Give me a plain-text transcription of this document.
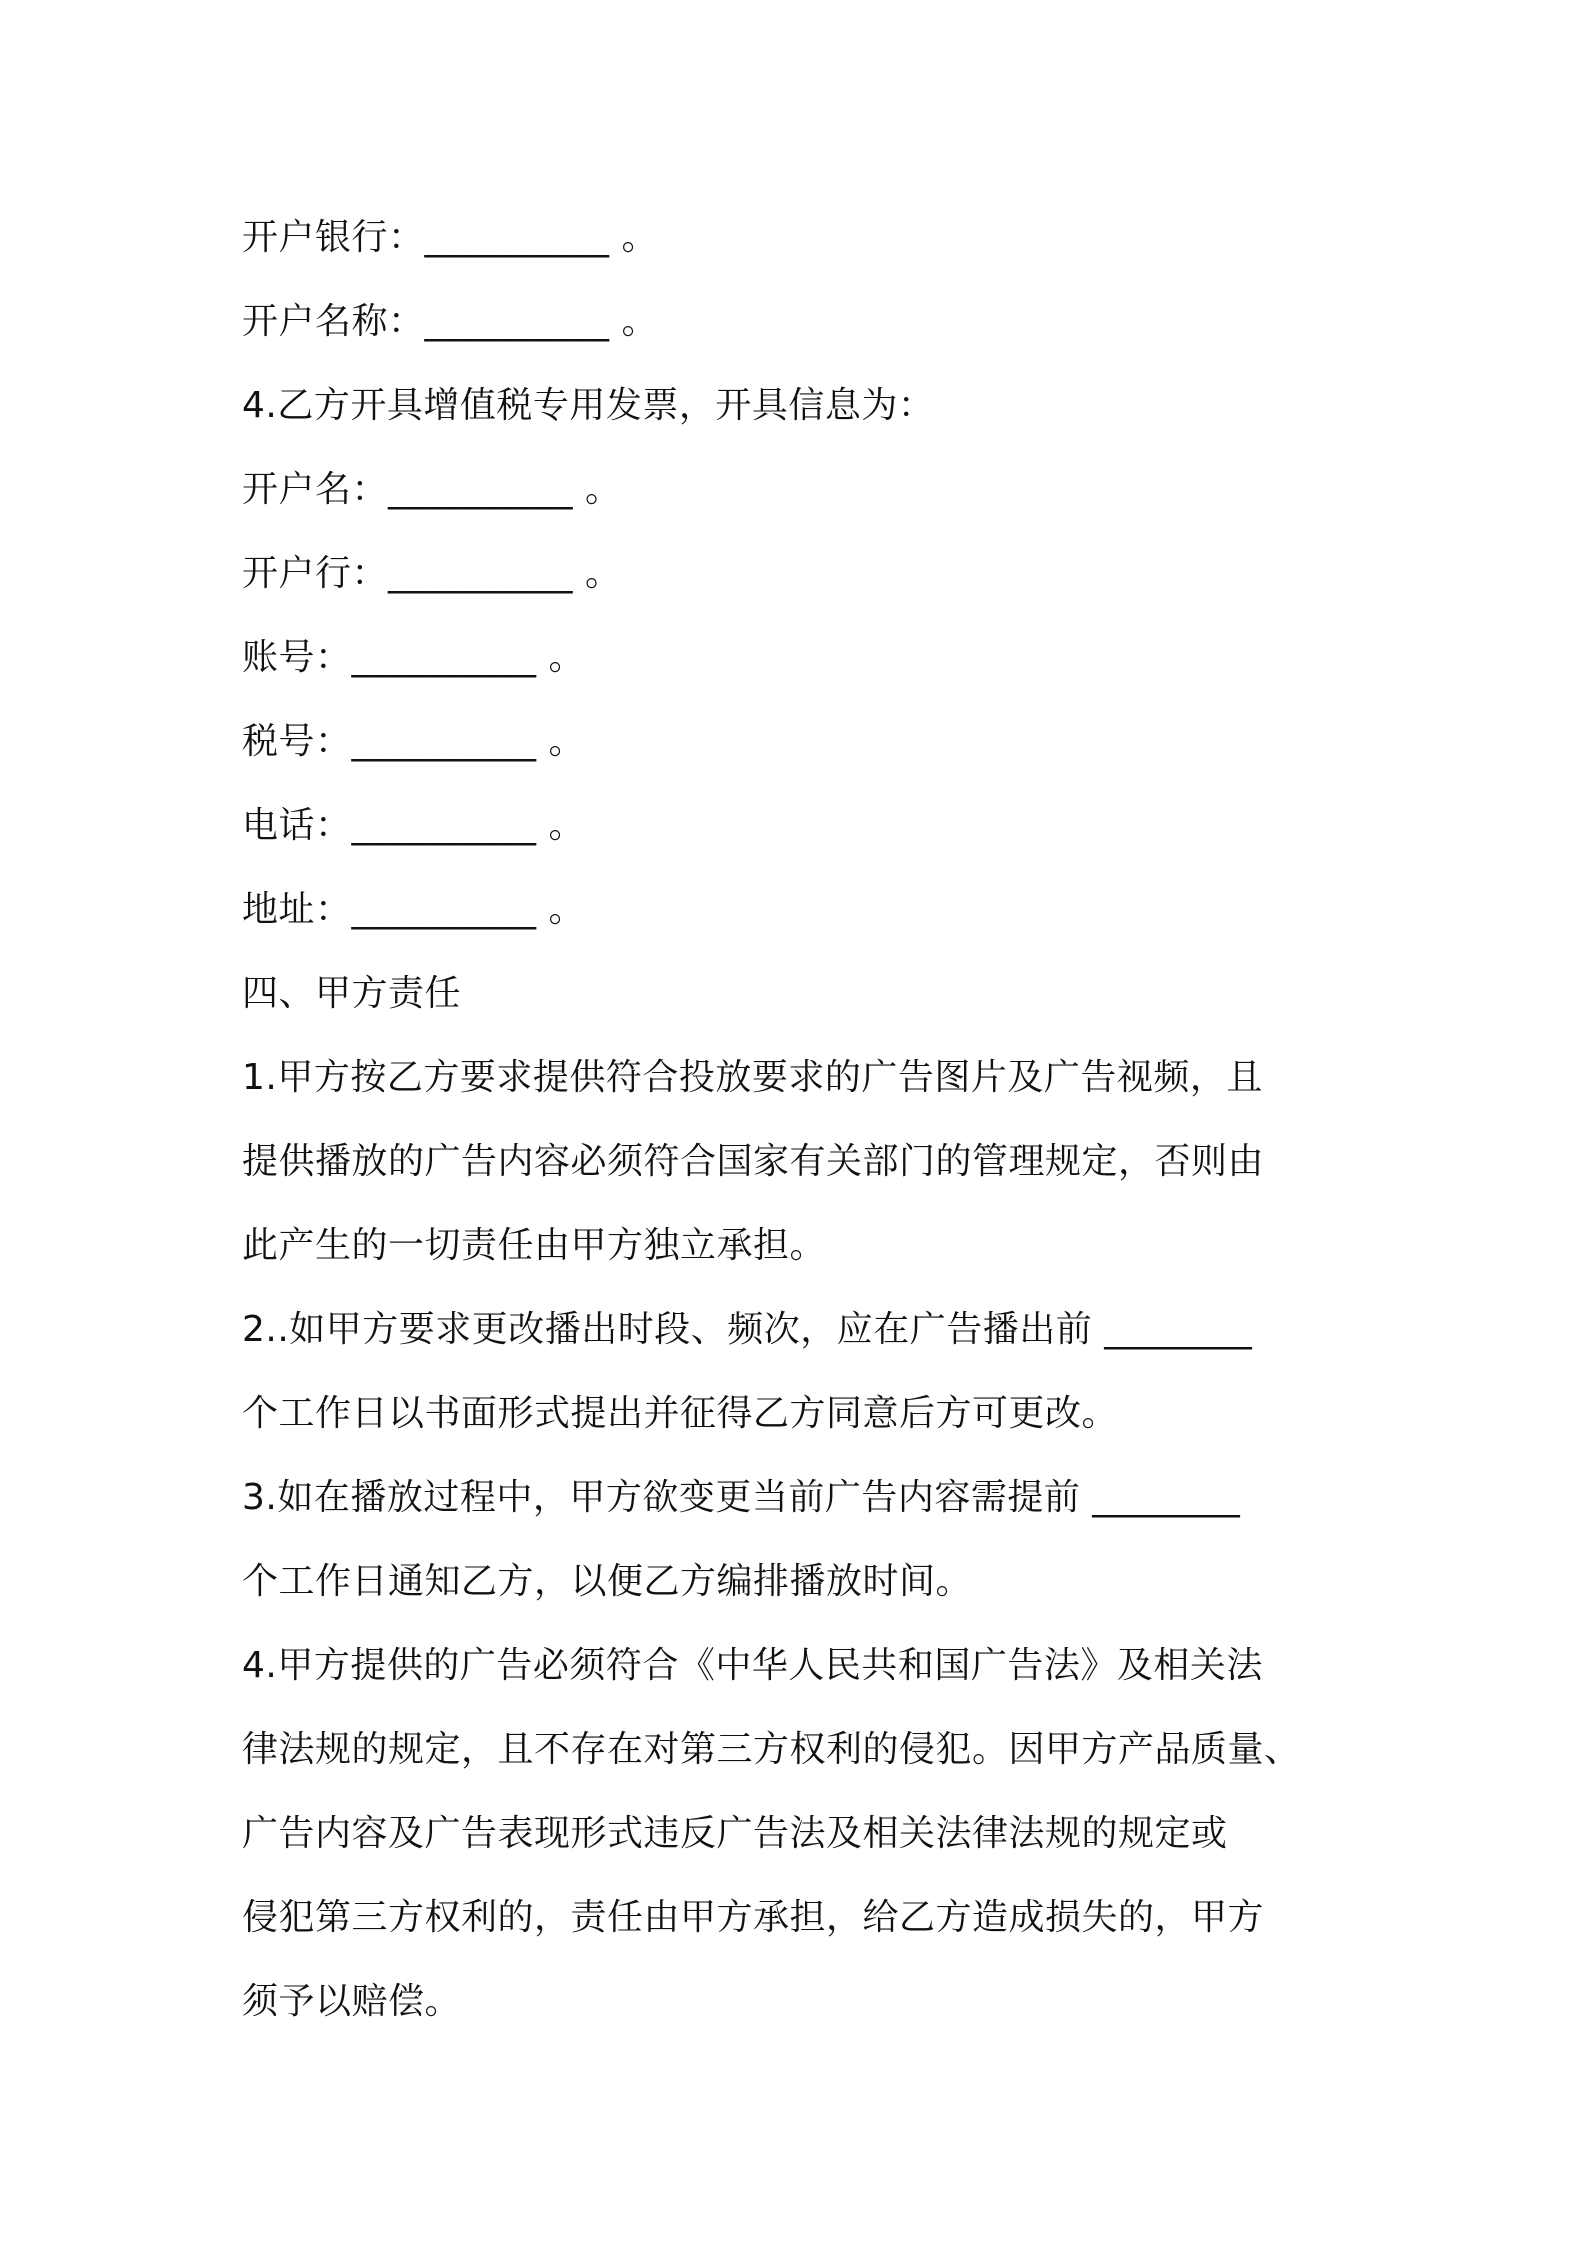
开户银行：__________ 。
开户名称：__________ 。
4.乙方开具增值税专用发票，开具信息为：
开户名：__________ 。
开户行：__________ 。
账号：__________ 。
税号：__________ 。
电话：__________ 。
地址：__________ 。
四、甲方责任
1.甲方按乙方要求提供符合投放要求的广告图片及广告视频，且
提供播放的广告内容必须符合国家有关部门的管理规定，否则由
此产生的一切责任由甲方独立承担。
2..如甲方要求更改播出时段、频次，应在广告播出前 ________
个工作日以书面形式提出并征得乙方同意后方可更改。
3.如在播放过程中，甲方欲变更当前广告内容需提前 ________
个工作日通知乙方，以便乙方编排播放时间。
4.甲方提供的广告必须符合《中华人民共和国广告法》及相关法
律法规的规定，且不存在对第三方权利的侵犯。因甲方产品质量、
广告内容及广告表现形式违反广告法及相关法律法规的规定或
侵犯第三方权利的，责任由甲方承担，给乙方造成损失的，甲方
须予以赔偿。
